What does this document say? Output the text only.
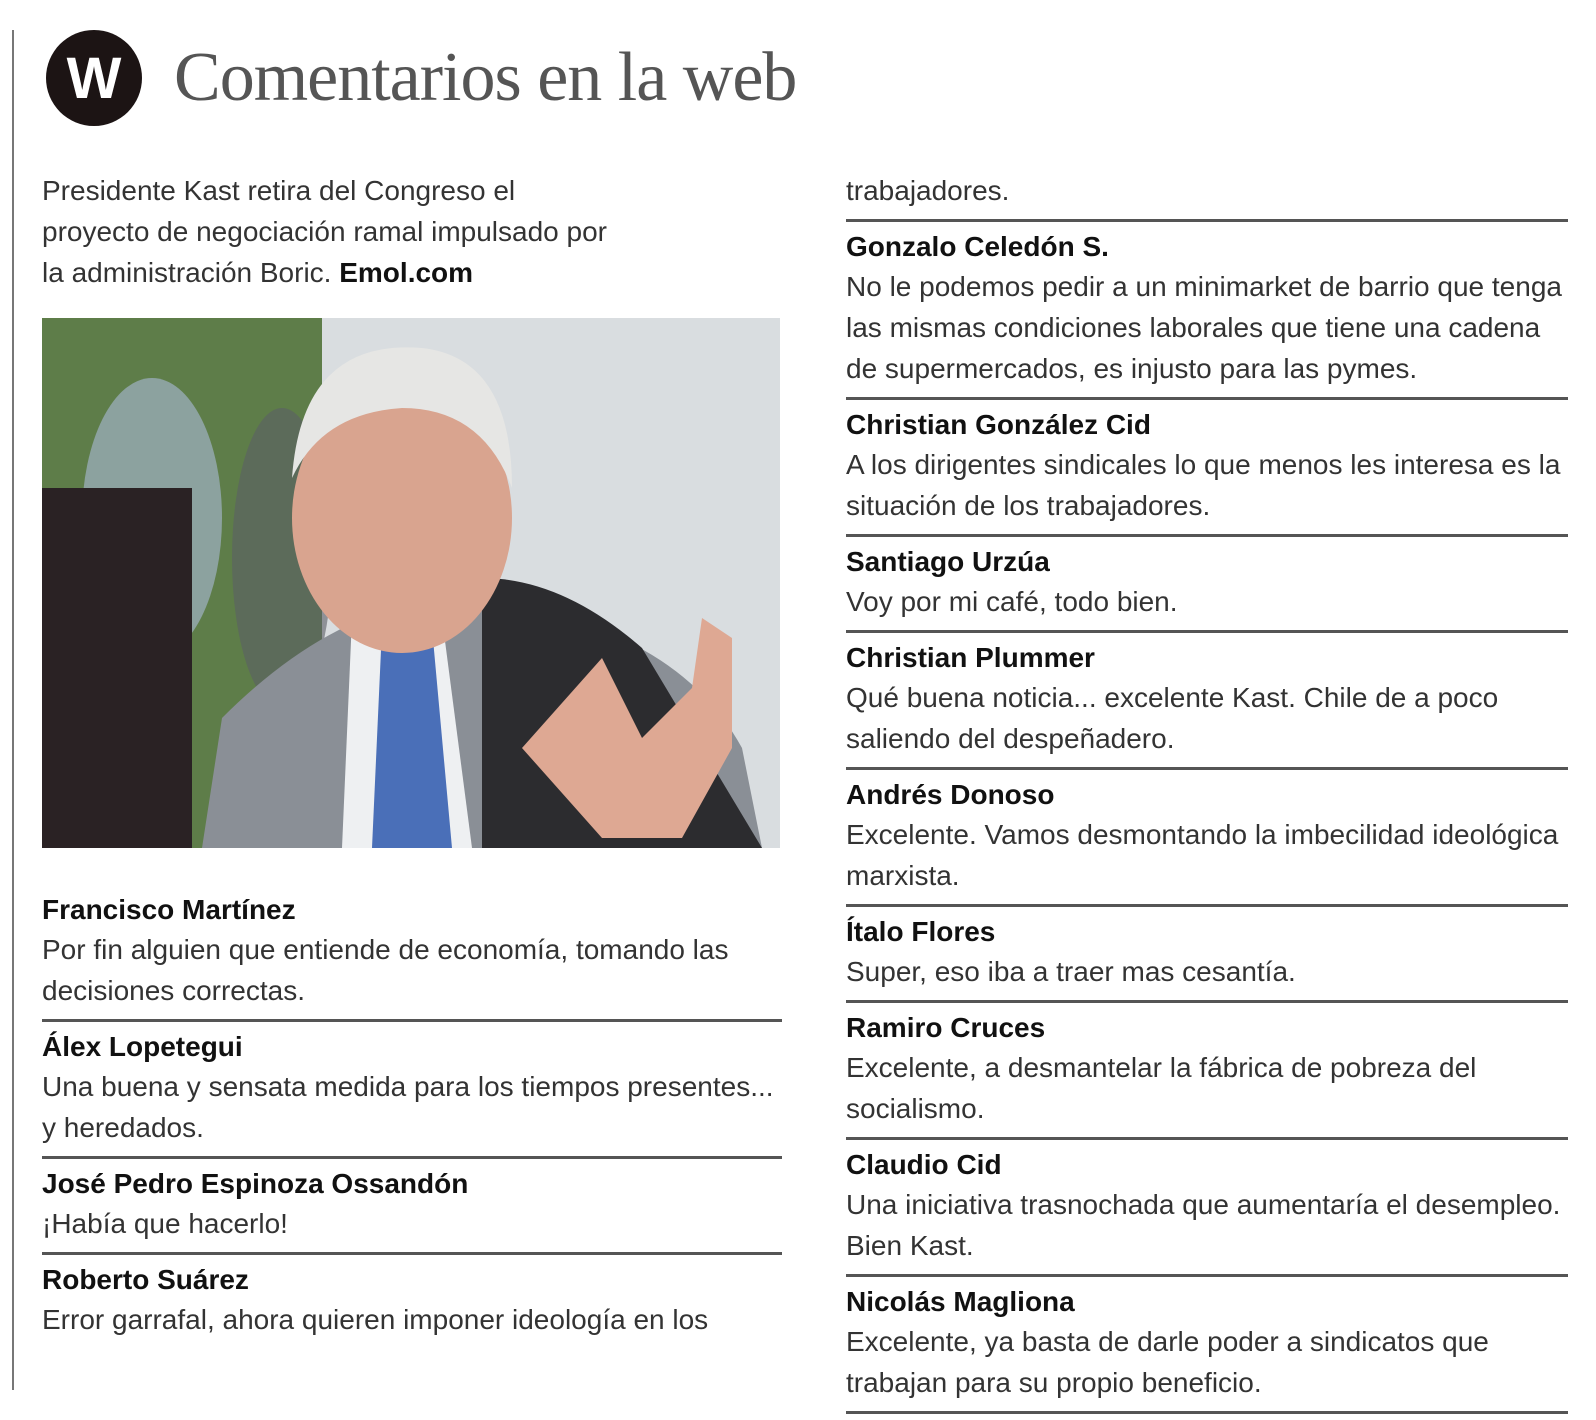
W Comentarios en la web
Presidente Kast retira del Congreso el proyecto de negociación ramal impulsado por la administración Boric. Emol.com
Francisco Martínez
Por fin alguien que entiende de economía, tomando las decisiones correctas.
Álex Lopetegui
Una buena y sensata medida para los tiempos presentes... y heredados.
José Pedro Espinoza Ossandón
¡Había que hacerlo!
Roberto Suárez
Error garrafal, ahora quieren imponer ideología en los
trabajadores.
Gonzalo Celedón S.
No le podemos pedir a un minimarket de barrio que tenga las mismas condiciones laborales que tiene una cadena de supermercados, es injusto para las pymes.
Christian González Cid
A los dirigentes sindicales lo que menos les interesa es la situación de los trabajadores.
Santiago Urzúa
Voy por mi café, todo bien.
Christian Plummer
Qué buena noticia... excelente Kast. Chile de a poco saliendo del despeñadero.
Andrés Donoso
Excelente. Vamos desmontando la imbecilidad ideológica marxista.
Ítalo Flores
Super, eso iba a traer mas cesantía.
Ramiro Cruces
Excelente, a desmantelar la fábrica de pobreza del socialismo.
Claudio Cid
Una iniciativa trasnochada que aumentaría el desempleo. Bien Kast.
Nicolás Magliona
Excelente, ya basta de darle poder a sindicatos que trabajan para su propio beneficio.
